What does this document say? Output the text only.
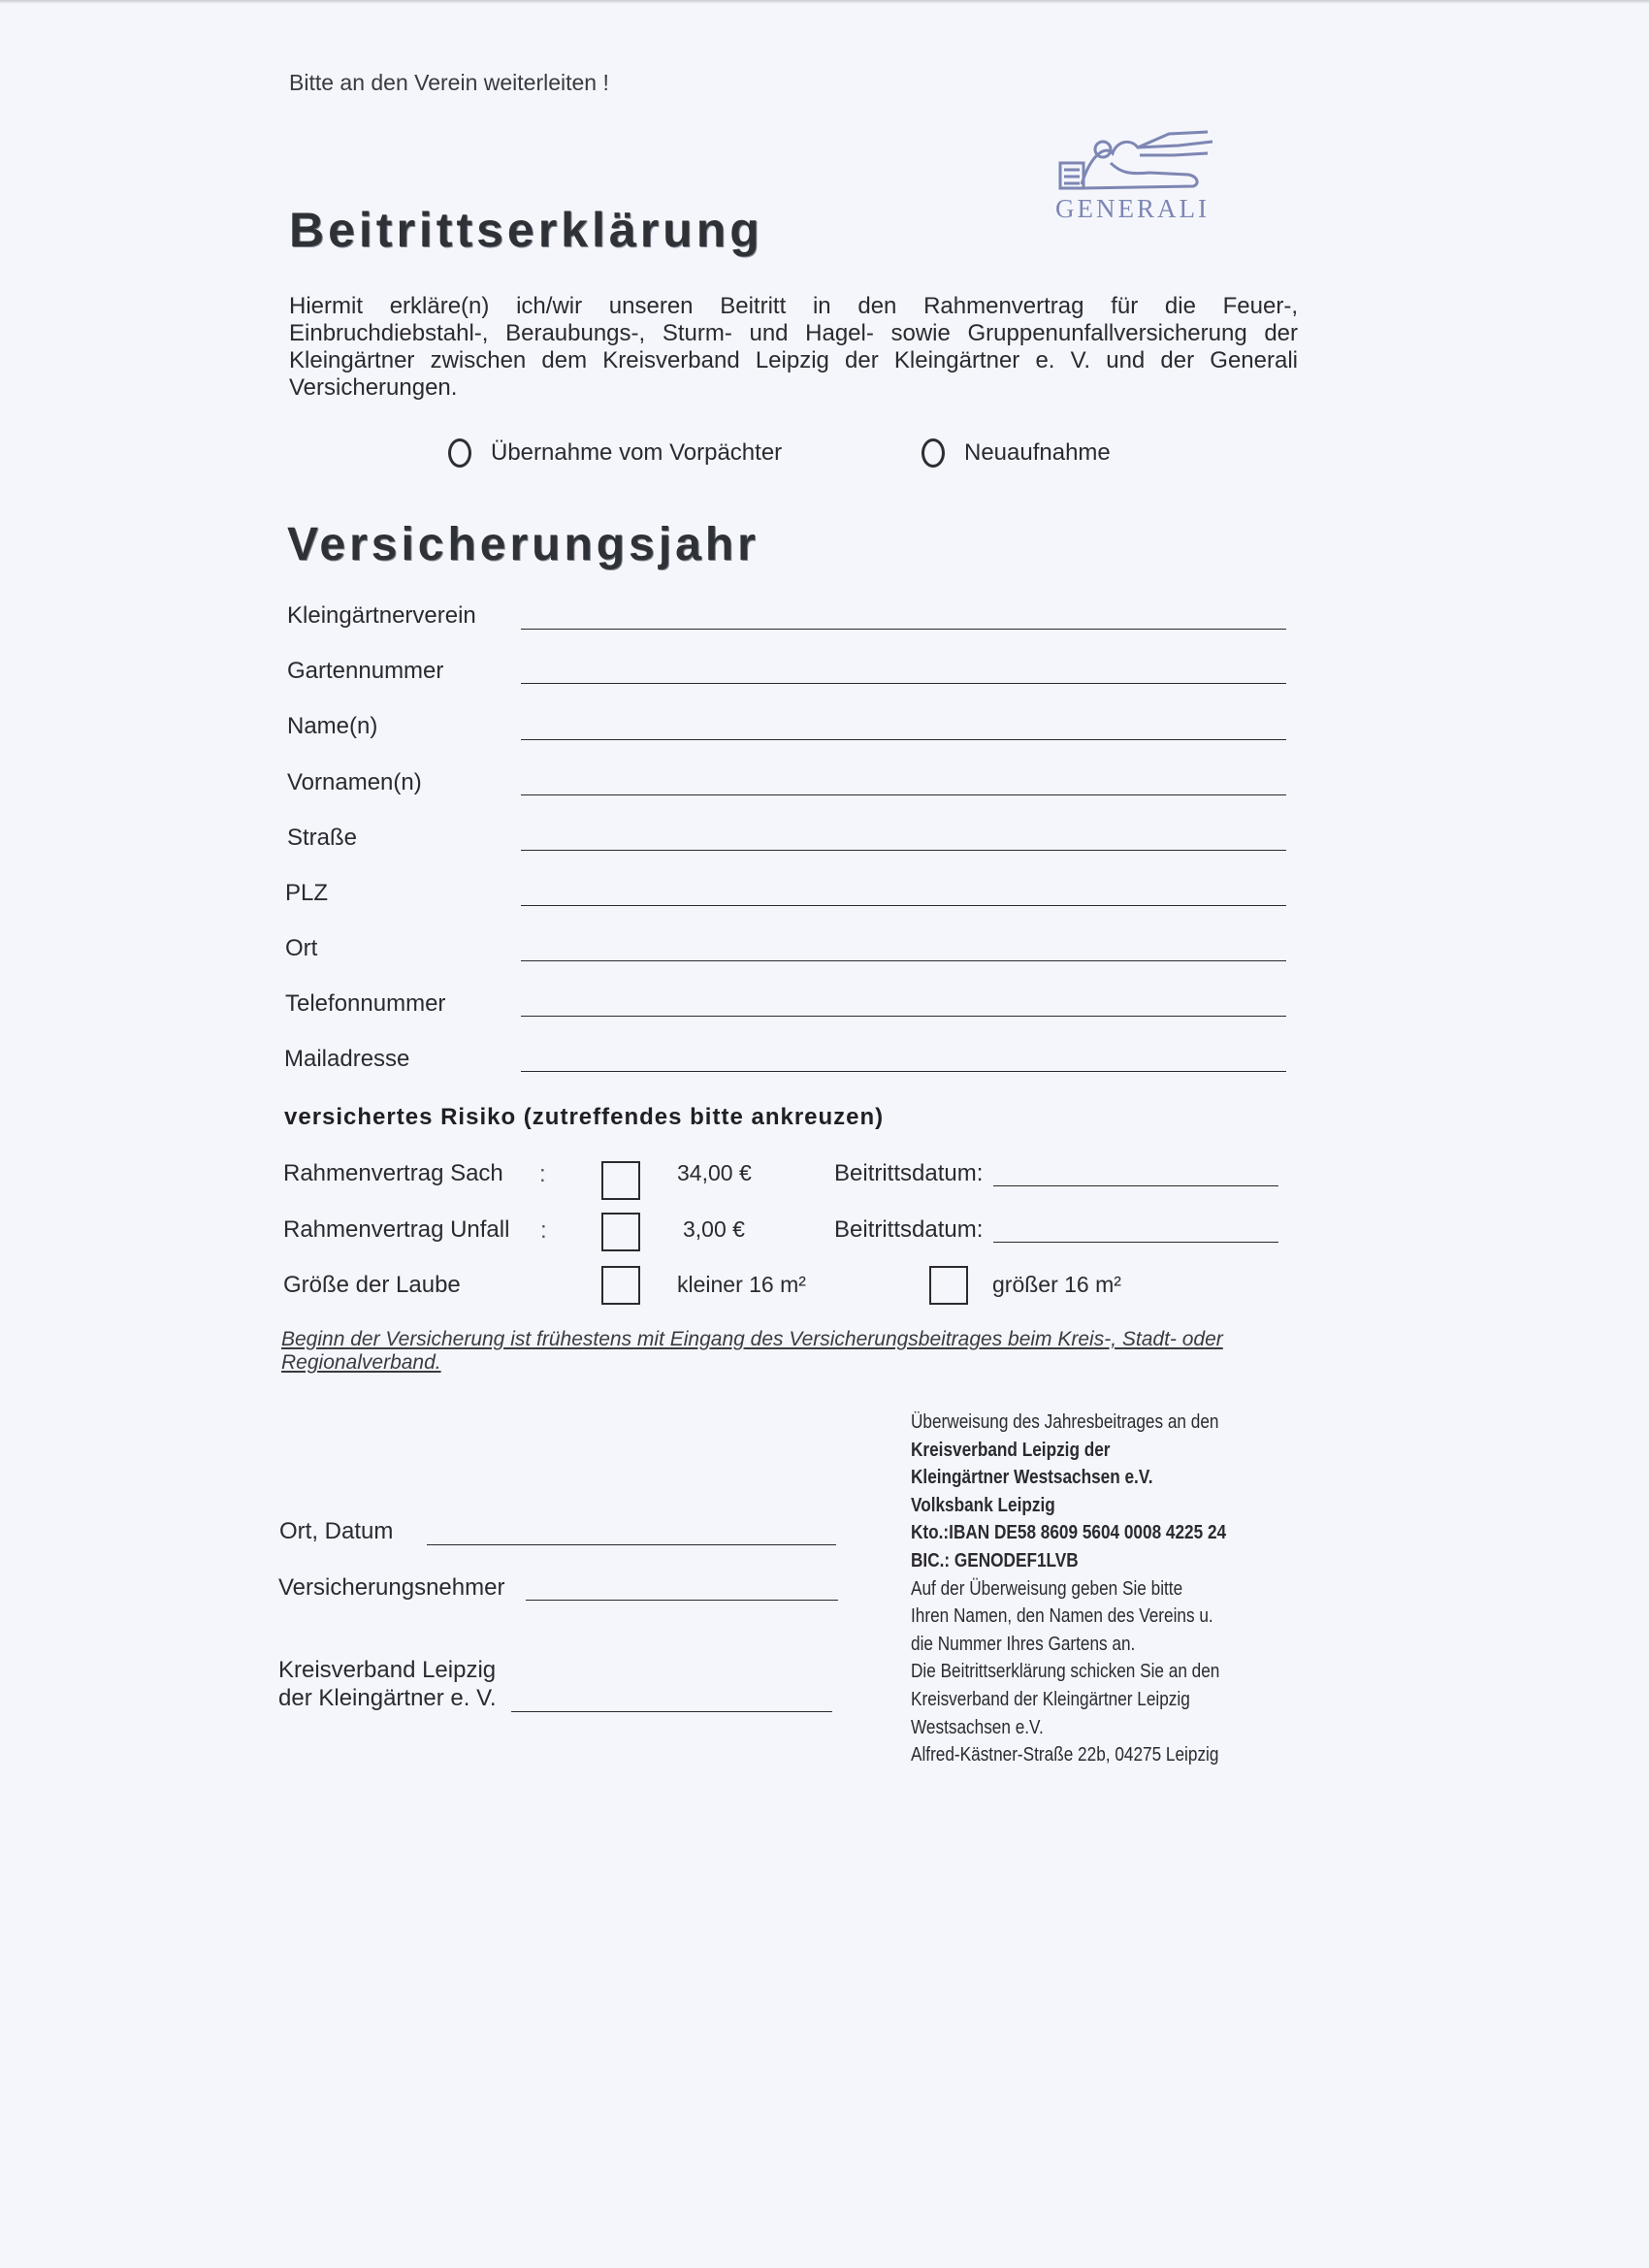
Bitte an den Verein weiterleiten !
GENERALI
Beitrittserklärung
Hiermit erkläre(n) ich/wir unseren Beitritt in den Rahmenvertrag für die Feuer-, Einbruchdiebstahl-, Beraubungs-, Sturm- und Hagel- sowie Gruppenunfallversicherung der Kleingärtner zwischen dem Kreisverband Leipzig der Kleingärtner e. V. und der Generali Versicherungen.
Übernahme vom Vorpächter	Neuaufnahme
Versicherungsjahr
Kleingärtnerverein
Gartennummer
Name(n)
Vornamen(n)
Straße
PLZ
Ort
Telefonnummer
Mailadresse
versichertes Risiko (zutreffendes bitte ankreuzen)
Rahmenvertrag Sach :	34,00 €	Beitrittsdatum:
Rahmenvertrag Unfall :	3,00 €	Beitrittsdatum:
Größe der Laube	kleiner 16 m²	größer 16 m²
Beginn der Versicherung ist frühestens mit Eingang des Versicherungsbeitrages beim Kreis-, Stadt- oder Regionalverband.
Ort, Datum
Versicherungsnehmer
Kreisverband Leipzig
der Kleingärtner e. V.
Überweisung des Jahresbeitrages an den
Kreisverband Leipzig der
Kleingärtner Westsachsen e.V.
Volksbank Leipzig
Kto.:IBAN DE58 8609 5604 0008 4225 24
BIC.: GENODEF1LVB
Auf der Überweisung geben Sie bitte
Ihren Namen, den Namen des Vereins u.
die Nummer Ihres Gartens an.
Die Beitrittserklärung schicken Sie an den
Kreisverband der Kleingärtner Leipzig
Westsachsen e.V.
Alfred-Kästner-Straße 22b, 04275 Leipzig
